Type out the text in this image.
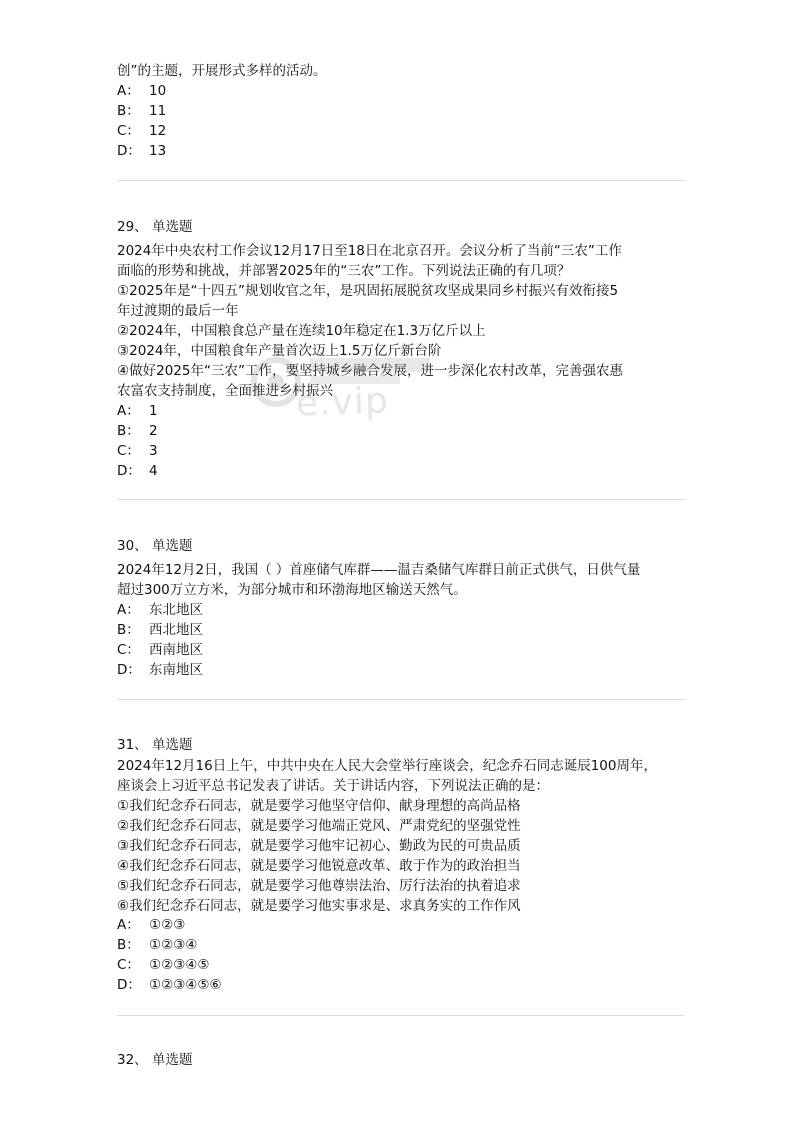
创”的主题，开展形式多样的活动。
A： 10
B： 11
C： 12
D： 13
29、 单选题
2024年中央农村工作会议12月17日至18日在北京召开。会议分析了当前“三农”工作
面临的形势和挑战，并部署2025年的“三农”工作。下列说法正确的有几项？
①2025年是“十四五”规划收官之年，是巩固拓展脱贫攻坚成果同乡村振兴有效衔接5
年过渡期的最后一年
②2024年，中国粮食总产量在连续10年稳定在1.3万亿斤以上
③2024年，中国粮食年产量首次迈上1.5万亿斤新台阶
④做好2025年“三农”工作，要坚持城乡融合发展，进一步深化农村改革，完善强农惠
农富农支持制度，全面推进乡村振兴
A： 1
B： 2
C： 3
D： 4
30、 单选题
2024年12月2日，我国（ ）首座储气库群——温吉桑储气库群日前正式供气，日供气量
超过300万立方米，为部分城市和环渤海地区输送天然气。
A： 东北地区
B： 西北地区
C： 西南地区
D： 东南地区
31、 单选题
2024年12月16日上午，中共中央在人民大会堂举行座谈会，纪念乔石同志诞辰100周年，
座谈会上习近平总书记发表了讲话。关于讲话内容，下列说法正确的是：
①我们纪念乔石同志，就是要学习他坚守信仰、献身理想的高尚品格
②我们纪念乔石同志，就是要学习他端正党风、严肃党纪的坚强党性
③我们纪念乔石同志，就是要学习他牢记初心、勤政为民的可贵品质
④我们纪念乔石同志，就是要学习他锐意改革、敢于作为的政治担当
⑤我们纪念乔石同志，就是要学习他尊崇法治、厉行法治的执着追求
⑥我们纪念乔石同志，就是要学习他实事求是、求真务实的工作作风
A： ①②③
B： ①②③④
C： ①②③④⑤
D： ①②③④⑤⑥
32、 单选题
e.vip
